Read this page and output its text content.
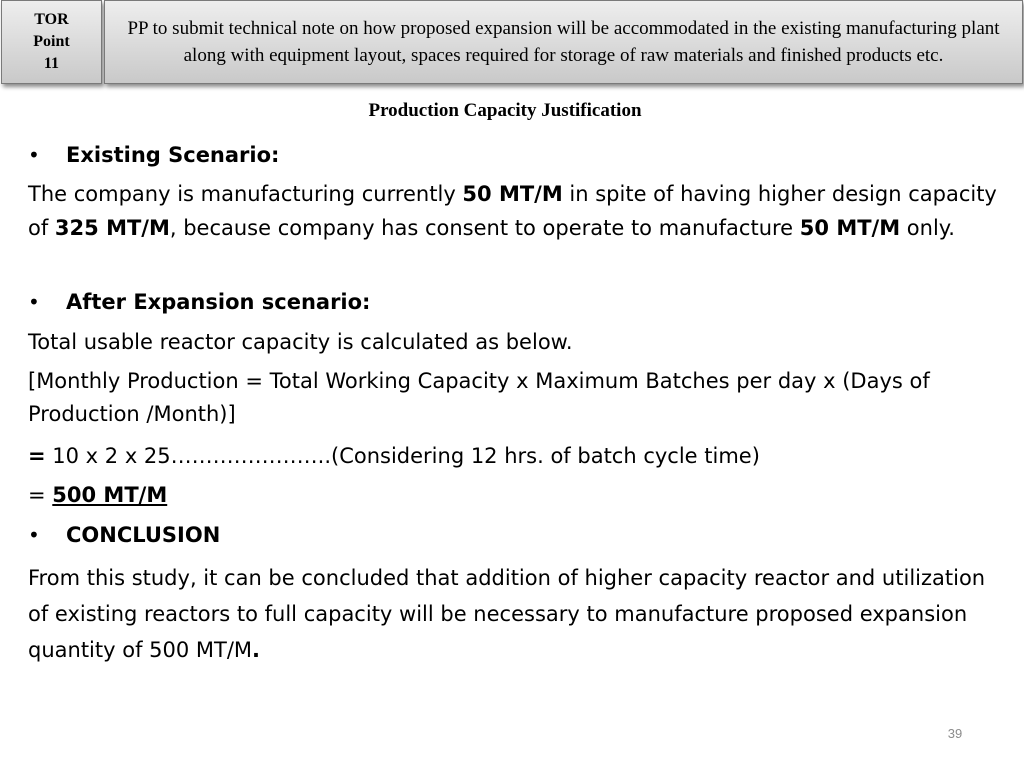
TOR
Point
11
PP to submit technical note on how proposed expansion will be accommodated in the existing manufacturing plant along with equipment layout, spaces required for storage of raw materials and finished products etc.
Production Capacity Justification
•	Existing Scenario:
The company is manufacturing currently 50 MT/M in spite of having higher design capacity of 325 MT/M, because company has consent to operate to manufacture 50 MT/M only.
•	After Expansion scenario:
Total usable reactor capacity is calculated as below.
[Monthly Production = Total Working Capacity x Maximum Batches per day x (Days of Production /Month)]
= 10 x 2 x 25…………………..(Considering 12 hrs. of batch cycle time)
= 500 MT/M
•	CONCLUSION
From this study, it can be concluded that addition of higher capacity reactor and utilization of existing reactors to full capacity will be necessary to manufacture proposed expansion quantity of 500 MT/M.
39
